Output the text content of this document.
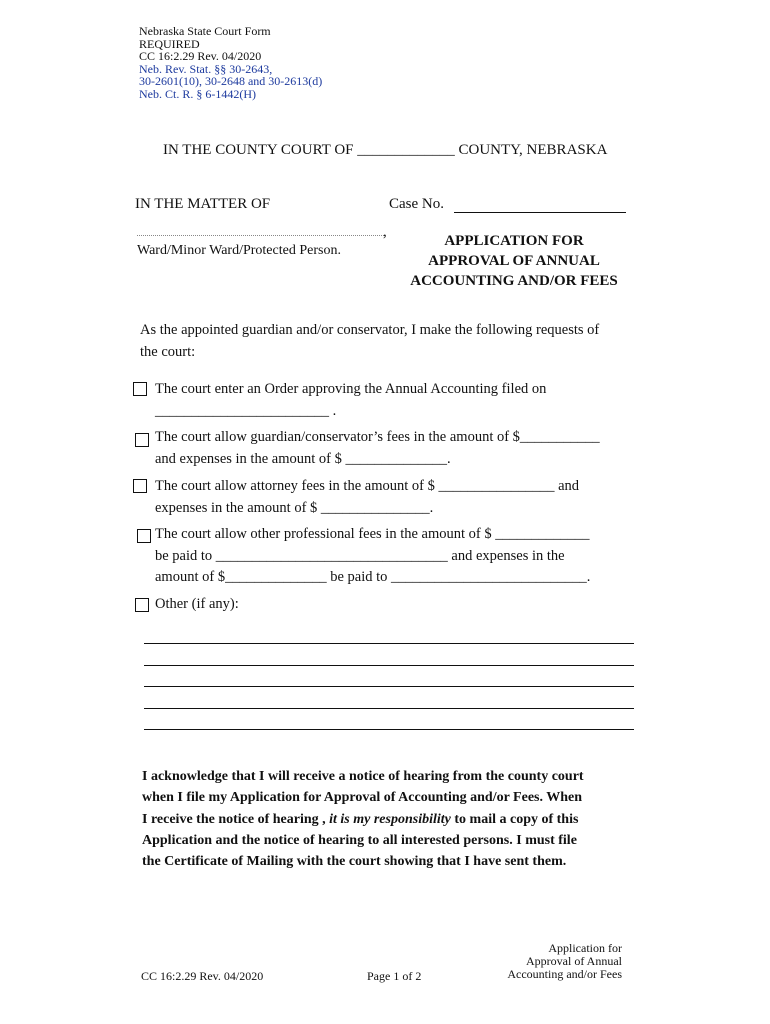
Nebraska State Court Form
REQUIRED
CC 16:2.29 Rev. 04/2020
Neb. Rev. Stat. §§ 30-2643,
30-2601(10), 30-2648 and 30-2613(d)
Neb. Ct. R. § 6-1442(H)
IN THE COUNTY COURT OF _____________ COUNTY, NEBRASKA
IN THE MATTER OF	Case No.
,
Ward/Minor Ward/Protected Person.
APPLICATION FOR
APPROVAL OF ANNUAL
ACCOUNTING AND/OR FEES
As the appointed guardian and/or conservator, I make the following requests of
the court:
The court enter an Order approving the Annual Accounting filed on
________________________ .
The court allow guardian/conservator’s fees in the amount of $___________
and expenses in the amount of $ ______________.
The court allow attorney fees in the amount of $ ________________ and
expenses in the amount of $ _______________.
The court allow other professional fees in the amount of $ _____________
be paid to ________________________________ and expenses in the
amount of $______________ be paid to ___________________________.
Other (if any):
I acknowledge that I will receive a notice of hearing from the county court
when I file my Application for Approval of Accounting and/or Fees. When
I receive the notice of hearing , it is my responsibility to mail a copy of this
Application and the notice of hearing to all interested persons. I must file
the Certificate of Mailing with the court showing that I have sent them.
CC 16:2.29 Rev. 04/2020	Page 1 of 2
Application for
Approval of Annual
Accounting and/or Fees
